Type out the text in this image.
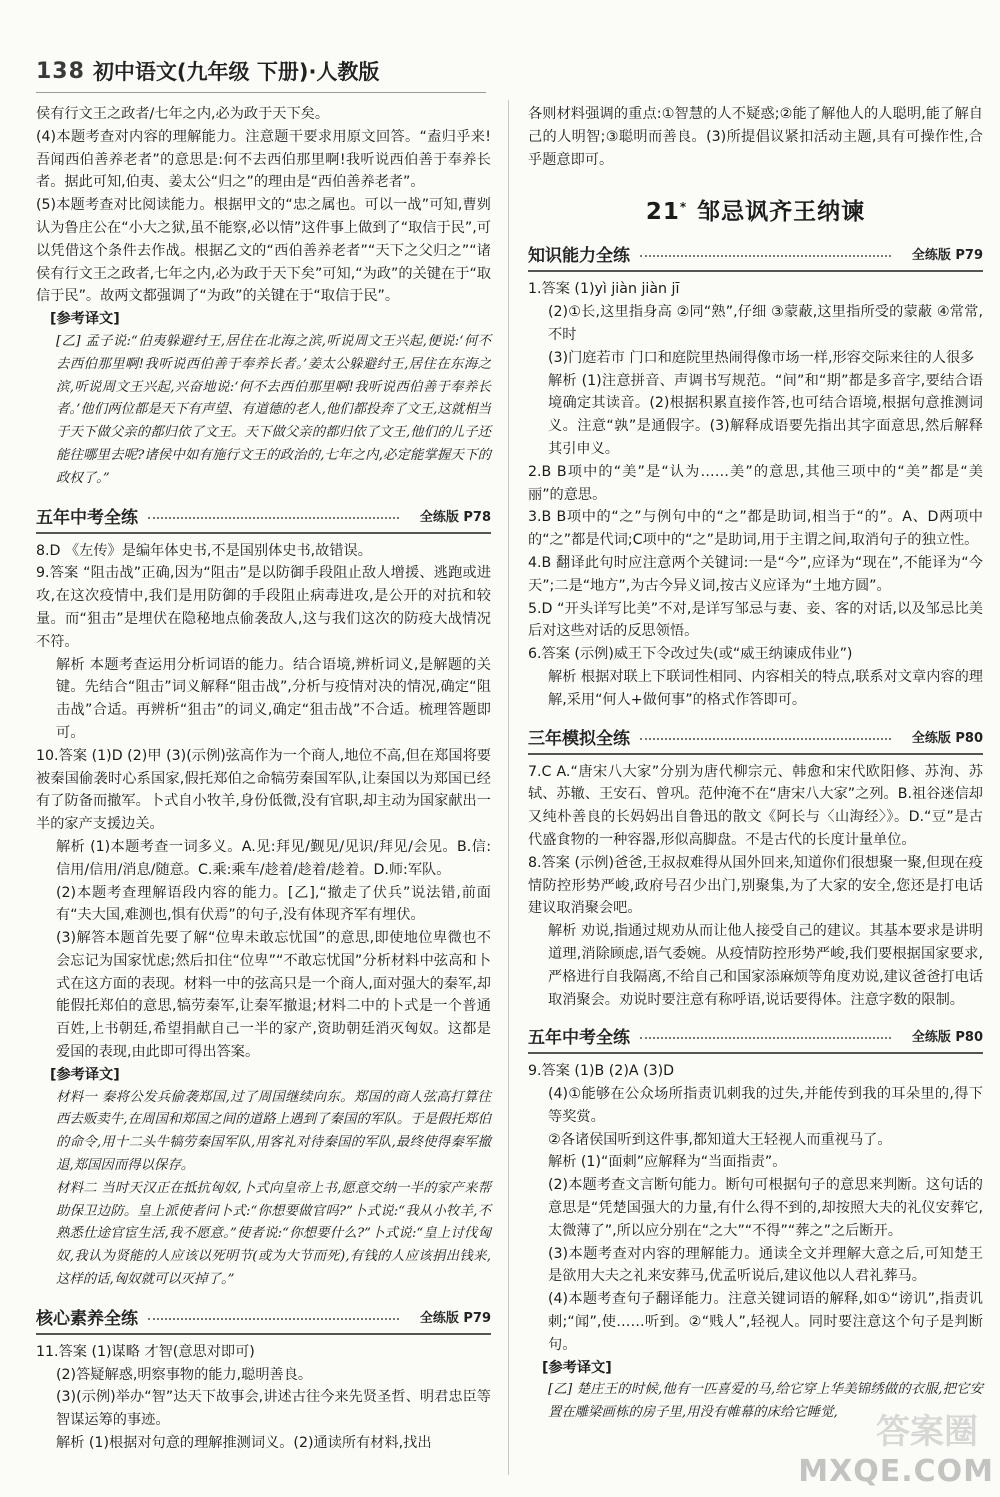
138 初中语文(九年级 下册)·人教版

侯有行文王之政者/七年之内,必为政于天下矣。

(4)本题考查对内容的理解能力。注意题干要求用原文回答。“盍归乎来!吾闻西伯善养老者”的意思是:何不去西伯那里啊!我听说西伯善于奉养长者。据此可知,伯夷、姜太公“归之”的理由是“西伯善养老者”。

(5)本题考查对比阅读能力。根据甲文的“忠之属也。可以一战”可知,曹刿认为鲁庄公在“小大之狱,虽不能察,必以情”这件事上做到了“取信于民”,可以凭借这个条件去作战。根据乙文的“西伯善养老者”“天下之父归之”“诸侯有行文王之政者,七年之内,必为政于天下矣”可知,“为政”的关键在于“取信于民”。故两文都强调了“为政”的关键在于“取信于民”。

[参考译文]

[乙] 孟子说:“伯夷躲避纣王,居住在北海之滨,听说周文王兴起,便说:‘何不去西伯那里啊!我听说西伯善于奉养长者。’姜太公躲避纣王,居住在东海之滨,听说周文王兴起,兴奋地说:‘何不去西伯那里啊!我听说西伯善于奉养长者。’他们两位都是天下有声望、有道德的老人,他们都投奔了文王,这就相当于天下做父亲的都归依了文王。天下做父亲的都归依了文王,他们的儿子还能往哪里去呢?诸侯中如有施行文王的政治的,七年之内,必定能掌握天下的政权了。”

五年中考全练	全练版 P78

8.D 《左传》是编年体史书,不是国别体史书,故错误。

9.答案 “阻击战”正确,因为“阻击”是以防御手段阻止敌人增援、逃跑或进攻,在这次疫情中,我们是用防御的手段阻止病毒进攻,是公开的对抗和较量。而“狙击”是埋伏在隐秘地点偷袭敌人,这与我们这次的防疫大战情况不符。

解析 本题考查运用分析词语的能力。结合语境,辨析词义,是解题的关键。先结合“阻击”词义解释“阻击战”,分析与疫情对决的情况,确定“阻击战”合适。再辨析“狙击”的词义,确定“狙击战”不合适。梳理答题即可。

10.答案 (1)D (2)甲 (3)(示例)弦高作为一个商人,地位不高,但在郑国将要被秦国偷袭时心系国家,假托郑伯之命犒劳秦国军队,让秦国以为郑国已经有了防备而撤军。卜式自小牧羊,身份低微,没有官职,却主动为国家献出一半的家产支援边关。

解析 (1)本题考查一词多义。A.见:拜见/觐见/见识/拜见/会见。B.信:信用/信用/消息/随意。C.乘:乘车/趁着/趁着/趁着。D.师:军队。

(2)本题考查理解语段内容的能力。[乙],“撤走了伏兵”说法错,前面有“夫大国,难测也,惧有伏焉”的句子,没有体现齐军有埋伏。

(3)解答本题首先要了解“位卑未敢忘忧国”的意思,即使地位卑微也不会忘记为国家忧虑;然后扣住“位卑”“不敢忘忧国”分析材料中弦高和卜式在这方面的表现。材料一中的弦高只是一个商人,面对强大的秦军,却能假托郑伯的意思,犒劳秦军,让秦军撤退;材料二中的卜式是一个普通百姓,上书朝廷,希望捐献自己一半的家产,资助朝廷消灭匈奴。这都是爱国的表现,由此即可得出答案。

[参考译文]

材料一 秦将公发兵偷袭郑国,过了周国继续向东。郑国的商人弦高打算往西去贩卖牛,在周国和郑国之间的道路上遇到了秦国的军队。于是假托郑伯的命令,用十二头牛犒劳秦国军队,用客礼对待秦国的军队,最终使得秦军撤退,郑国因而得以保存。

材料二 当时天汉正在抵抗匈奴,卜式向皇帝上书,愿意交纳一半的家产来帮助保卫边防。皇上派使者问卜式:“你想要做官吗?”卜式说:“我从小牧羊,不熟悉仕途官宦生活,我不愿意。”使者说:“你想要什么?”卜式说:“皇上讨伐匈奴,我认为贤能的人应该以死明节(或为大节而死),有钱的人应该捐出钱来,这样的话,匈奴就可以灭掉了。”

核心素养全练	全练版 P79

11.答案 (1)谋略 才智(意思对即可)

(2)答疑解惑,明察事物的能力,聪明善良。

(3)(示例)举办“智”达天下故事会,讲述古往今来先贤圣哲、明君忠臣等智谋运筹的事迹。

解析 (1)根据对句意的理解推测词义。(2)通读所有材料,找出

各则材料强调的重点:①智慧的人不疑惑;②能了解他人的人聪明,能了解自己的人明智;③聪明而善良。(3)所提倡议紧扣活动主题,具有可操作性,合乎题意即可。

21* 邹忌讽齐王纳谏
知识能力全练	全练版 P79

1.答案 (1)yì jiàn jiàn jī

(2)①长,这里指身高 ②同“熟”,仔细 ③蒙蔽,这里指所受的蒙蔽 ④常常,不时

(3)门庭若市 门口和庭院里热闹得像市场一样,形容交际来往的人很多

解析 (1)注意拼音、声调书写规范。“间”和“期”都是多音字,要结合语境确定其读音。(2)根据积累直接作答,也可结合语境,根据句意推测词义。注意“孰”是通假字。(3)解释成语要先指出其字面意思,然后解释其引申义。

2.B B项中的“美”是“认为……美”的意思,其他三项中的“美”都是“美丽”的意思。

3.B B项中的“之”与例句中的“之”都是助词,相当于“的”。A、D两项中的“之”都是代词;C项中的“之”是助词,用于主谓之间,取消句子的独立性。

4.B 翻译此句时应注意两个关键词:一是“今”,应译为“现在”,不能译为“今天”;二是“地方”,为古今异义词,按古义应译为“土地方圆”。

5.D “开头详写比美”不对,是详写邹忌与妻、妾、客的对话,以及邹忌比美后对这些对话的反思领悟。

6.答案 (示例)威王下令改过失(或“威王纳谏成伟业”)

解析 根据对联上下联词性相同、内容相关的特点,联系对文章内容的理解,采用“何人+做何事”的格式作答即可。

三年模拟全练	全练版 P80

7.C A.“唐宋八大家”分别为唐代柳宗元、韩愈和宋代欧阳修、苏洵、苏轼、苏辙、王安石、曾巩。范仲淹不在“唐宋八大家”之列。B.祖谷迷信却又纯朴善良的长妈妈出自鲁迅的散文《阿长与〈山海经〉》。D.“豆”是古代盛食物的一种容器,形似高脚盘。不是古代的长度计量单位。

8.答案 (示例)爸爸,王叔叔难得从国外回来,知道你们很想聚一聚,但现在疫情防控形势严峻,政府号召少出门,别聚集,为了大家的安全,您还是打电话建议取消聚会吧。

解析 劝说,指通过规劝从而让他人接受自己的建议。其基本要求是讲明道理,消除顾虑,语气委婉。从疫情防控形势严峻,我们要根据国家要求,严格进行自我隔离,不给自己和国家添麻烦等角度劝说,建议爸爸打电话取消聚会。劝说时要注意有称呼语,说话要得体。注意字数的限制。

五年中考全练	全练版 P80

9.答案 (1)B (2)A (3)D

(4)①能够在公众场所指责讥刺我的过失,并能传到我的耳朵里的,得下等奖赏。

②各诸侯国听到这件事,都知道大王轻视人而重视马了。

解析 (1)“面刺”应解释为“当面指责”。

(2)本题考查文言断句能力。断句可根据句子的意思来判断。这句话的意思是“凭楚国强大的力量,有什么得不到的,却按照大夫的礼仪安葬它,太微薄了”,所以应分别在“之大”“不得”“葬之”之后断开。

(3)本题考查对内容的理解能力。通读全文并理解大意之后,可知楚王是欲用大夫之礼来安葬马,优孟听说后,建议他以人君礼葬马。

(4)本题考查句子翻译能力。注意关键词语的解释,如①“谤讥”,指责讥刺;“闻”,使……听到。②“贱人”,轻视人。同时要注意这个句子是判断句。

[参考译文]

[乙] 楚庄王的时候,他有一匹喜爱的马,给它穿上华美锦绣做的衣服,把它安置在雕梁画栋的房子里,用没有帷幕的床给它睡觉,	答案圈
MXQE.COM
